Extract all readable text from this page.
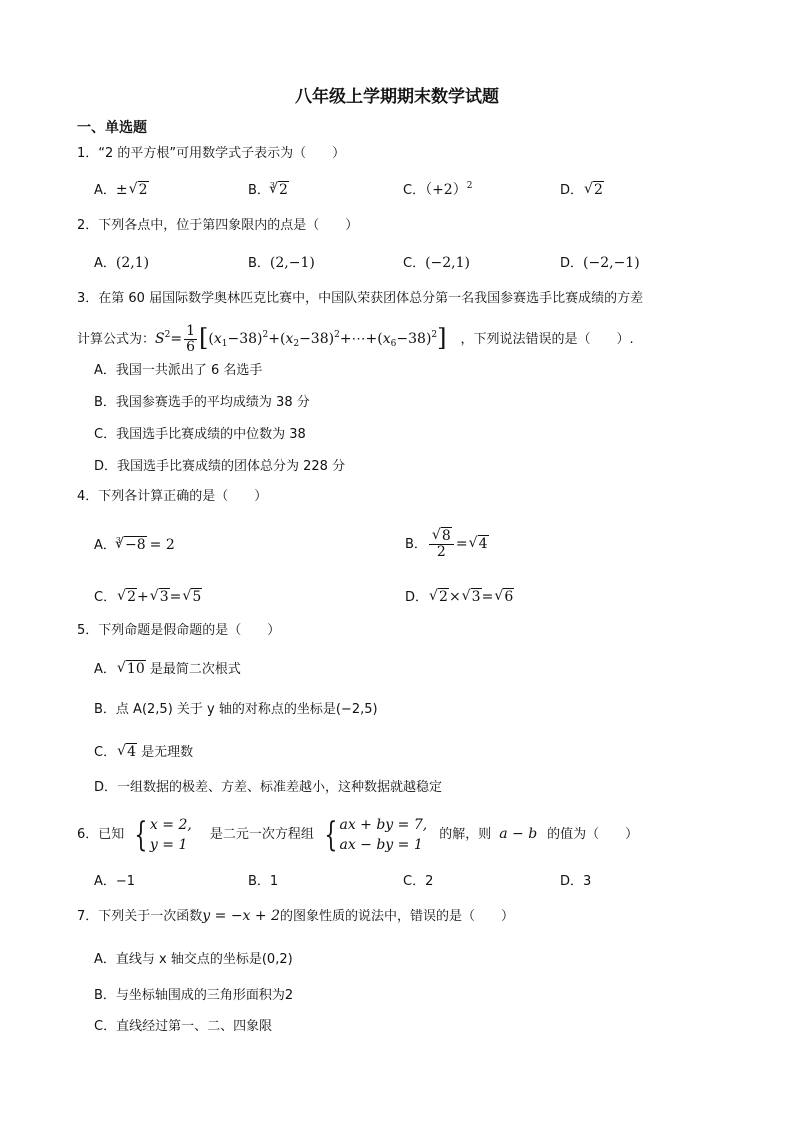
八年级上学期期末数学试题
一、单选题
1．“2 的平方根”可用数学式子表示为（　　）
A．± √ 2	B．$^3$ √ 2	C．$(+2)^2$	D． √ 2
2．下列各点中，位于第四象限内的点是（　　）
A．(2,1)	B．(2,−1)	C．(−2,1)	D．(−2,−1)
3．在第 60 届国际数学奥林匹克比赛中，中国队荣获团体总分第一名我国参赛选手比赛成绩的方差
计算公式为：$S^2= \frac{1}{6}$ $[(x_1-38)^2+(x_2-38)^2+\cdots+(x_6-38)^2]$ ，下列说法错误的是（　　）.
A．我国一共派出了 6 名选手
B．我国参赛选手的平均成绩为 38 分
C．我国选手比赛成绩的中位数为 38
D．我国选手比赛成绩的团体总分为 228 分
4．下列各计算正确的是（　　）
A．$^3$ √ −8 = 2	B． √ $\frac{8}{2}$ = √ 4
C． √ 2+ √ 3= √ 5	D． √ 2× √ 3= √ 6
5．下列命题是假命题的是（　　）
A． √ 10 是最简二次根式
B．点 A(2,5) 关于 y 轴的对称点的坐标是(−2,5)
C． √ 4 是无理数
D．一组数据的极差、方差、标准差越小，这种数据就越稳定
6．已知 { x = 2,
y = 1
是二元一次方程组 { ax + by = 7,
ax − by = 1
的解，则 a − b 的值为（　　）
A．−1	B．1	C．2	D．3
7．下列关于一次函数y = −x + 2的图象性质的说法中，错误的是（　　）
A．直线与 x 轴交点的坐标是(0,2)
B．与坐标轴围成的三角形面积为2
C．直线经过第一、二、四象限
